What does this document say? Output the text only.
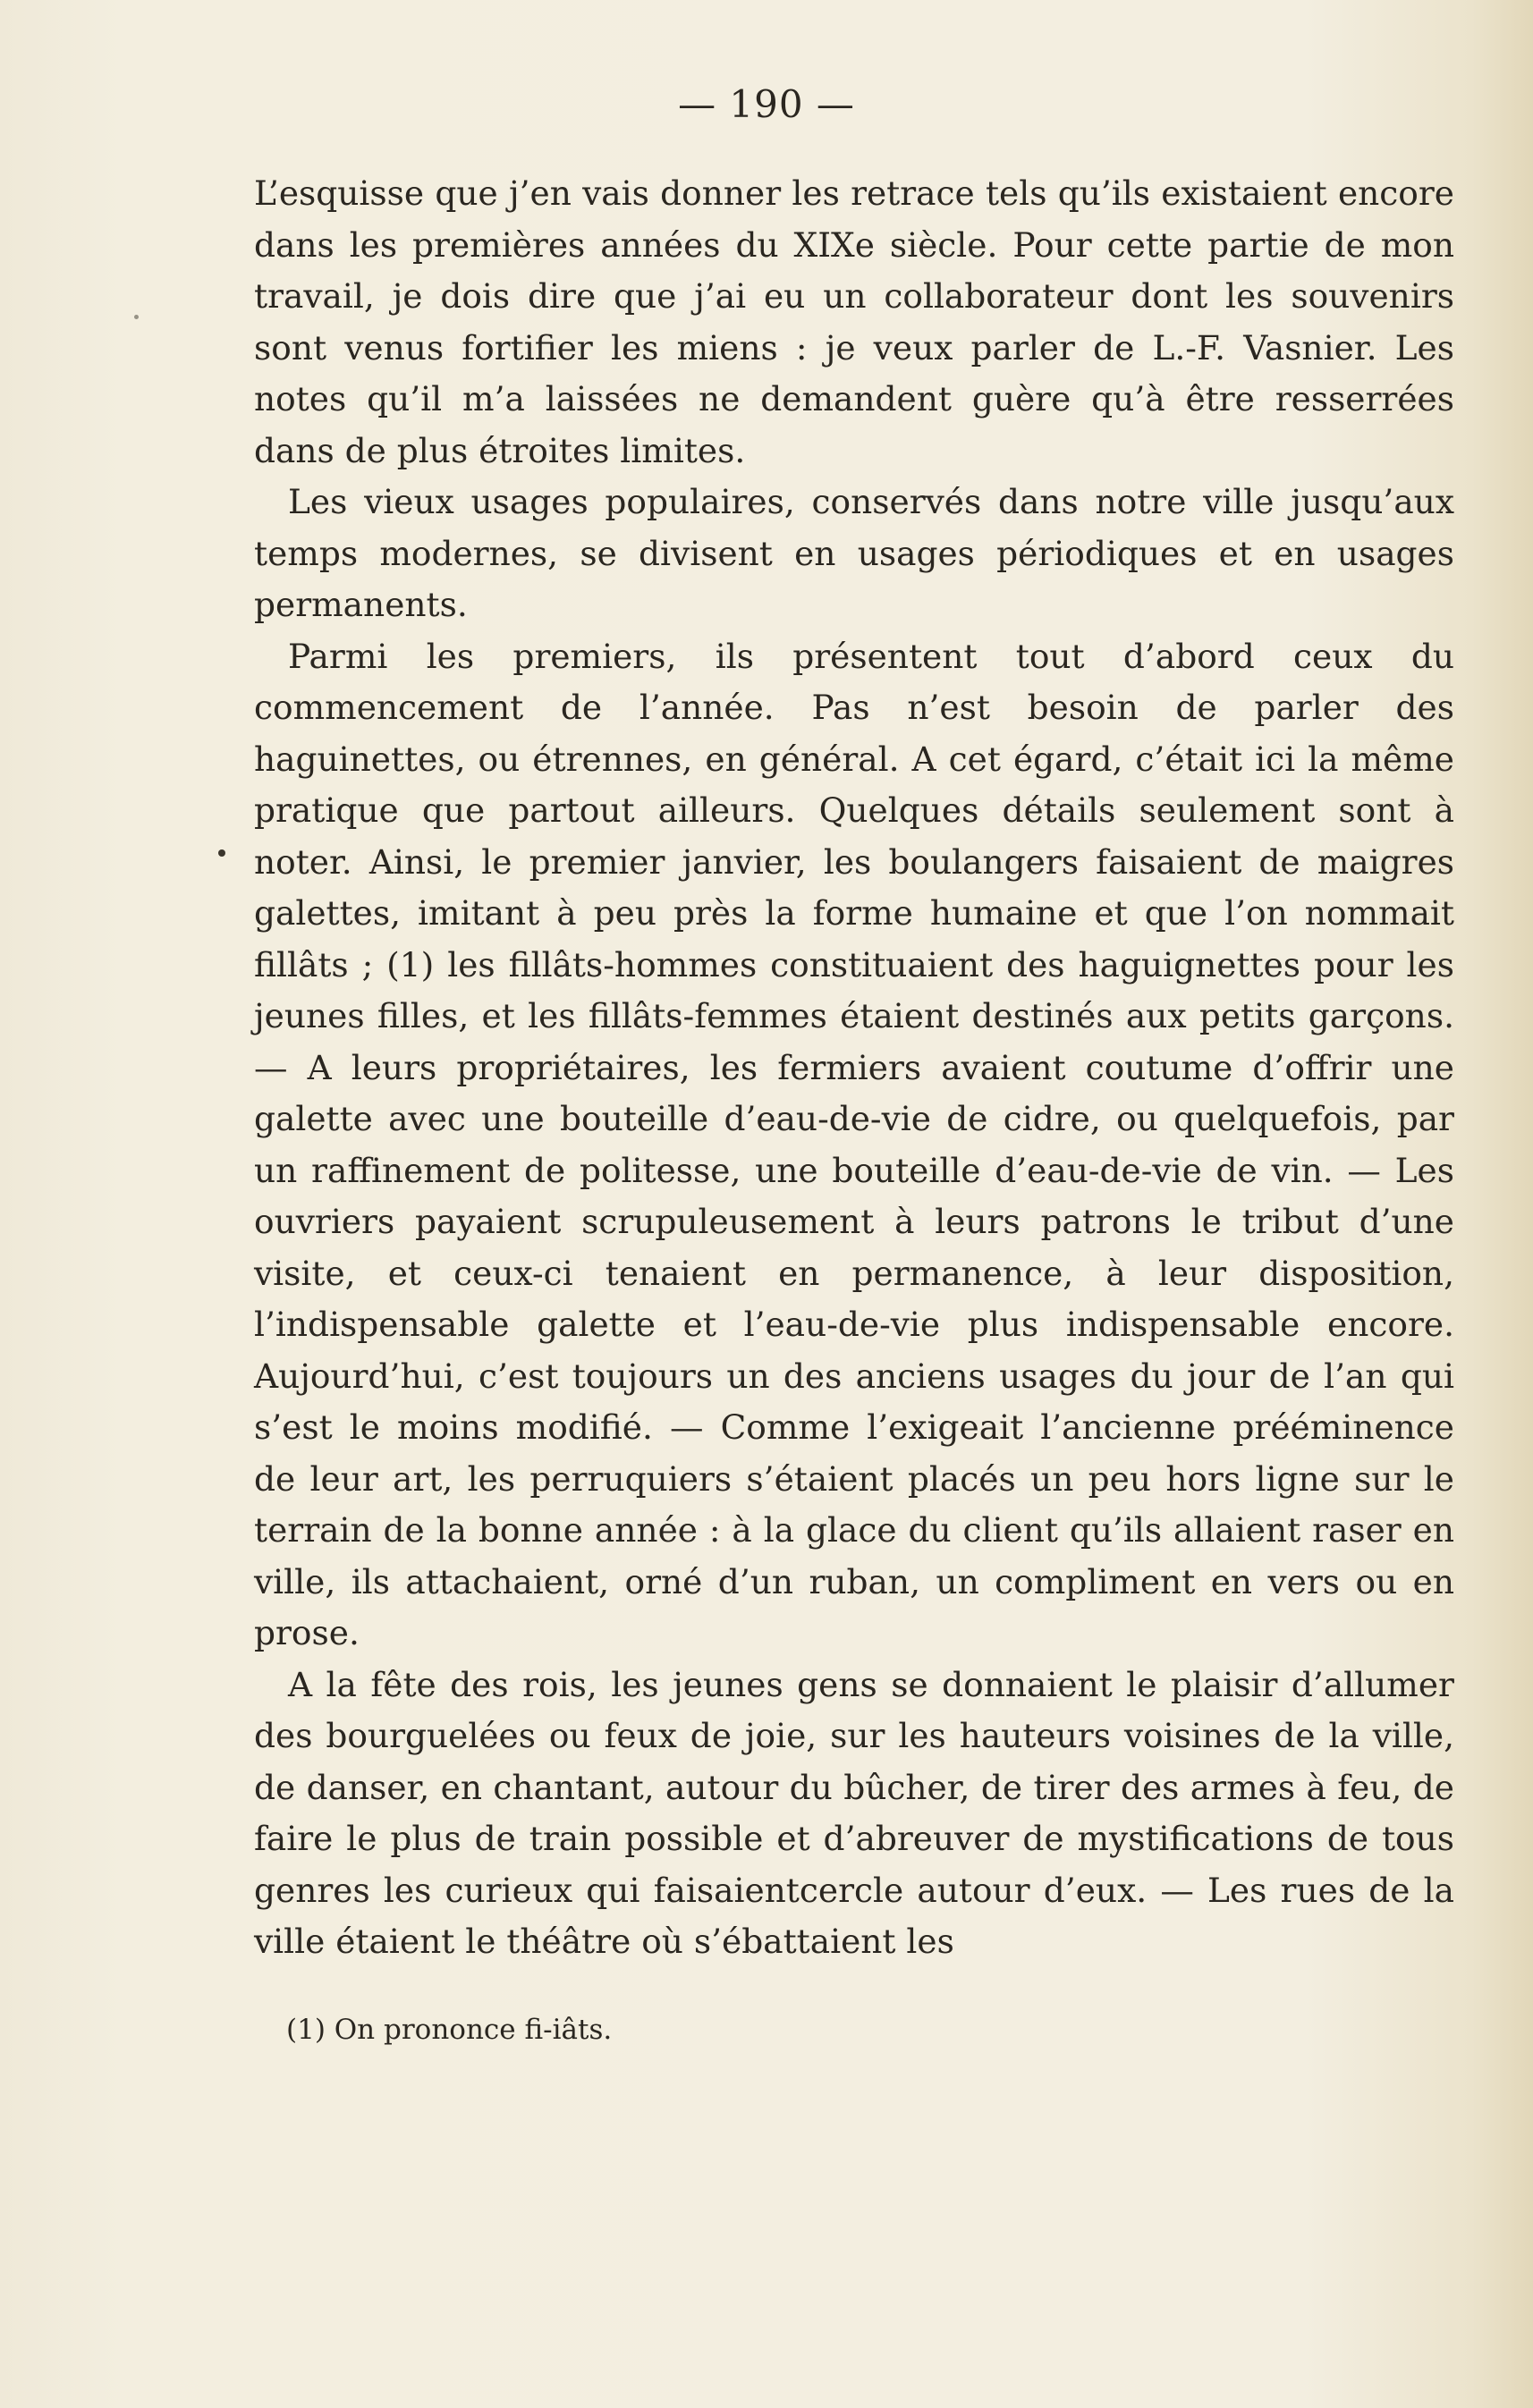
— 190 —

L’esquisse que j’en vais donner les retrace tels qu’ils existaient encore dans les premières années du XIXe siècle. Pour cette partie de mon travail, je dois dire que j’ai eu un collaborateur dont les souvenirs sont venus fortifier les miens : je veux parler de L.-F. Vasnier. Les notes qu’il m’a laissées ne demandent guère qu’à être resserrées dans de plus étroites limites.

Les vieux usages populaires, conservés dans notre ville jusqu’aux temps modernes, se divisent en usages périodiques et en usages permanents.

Parmi les premiers, ils présentent tout d’abord ceux du commencement de l’année. Pas n’est besoin de parler des haguinettes, ou étrennes, en général. A cet égard, c’était ici la même pratique que partout ailleurs. Quelques détails seulement sont à noter. Ainsi, le premier janvier, les boulangers faisaient de maigres galettes, imitant à peu près la forme humaine et que l’on nommait fillâts ; (1) les fillâts-hommes constituaient des haguignettes pour les jeunes filles, et les fillâts-femmes étaient destinés aux petits garçons. — A leurs propriétaires, les fermiers avaient coutume d’offrir une galette avec une bouteille d’eau-de-vie de cidre, ou quelquefois, par un raffinement de politesse, une bouteille d’eau-de-vie de vin. — Les ouvriers payaient scrupuleusement à leurs patrons le tribut d’une visite, et ceux-ci tenaient en permanence, à leur disposition, l’indispensable galette et l’eau-de-vie plus indispensable encore. Aujourd’hui, c’est toujours un des anciens usages du jour de l’an qui s’est le moins modifié. — Comme l’exigeait l’ancienne prééminence de leur art, les perruquiers s’étaient placés un peu hors ligne sur le terrain de la bonne année : à la glace du client qu’ils allaient raser en ville, ils attachaient, orné d’un ruban, un compliment en vers ou en prose.

A la fête des rois, les jeunes gens se donnaient le plaisir d’allumer des bourguelées ou feux de joie, sur les hauteurs voisines de la ville, de danser, en chantant, autour du bûcher, de tirer des armes à feu, de faire le plus de train possible et d’abreuver de mystifications de tous genres les curieux qui faisaientcercle autour d’eux. — Les rues de la ville étaient le théâtre où s’ébattaient les

(1) On prononce fi-iâts.
